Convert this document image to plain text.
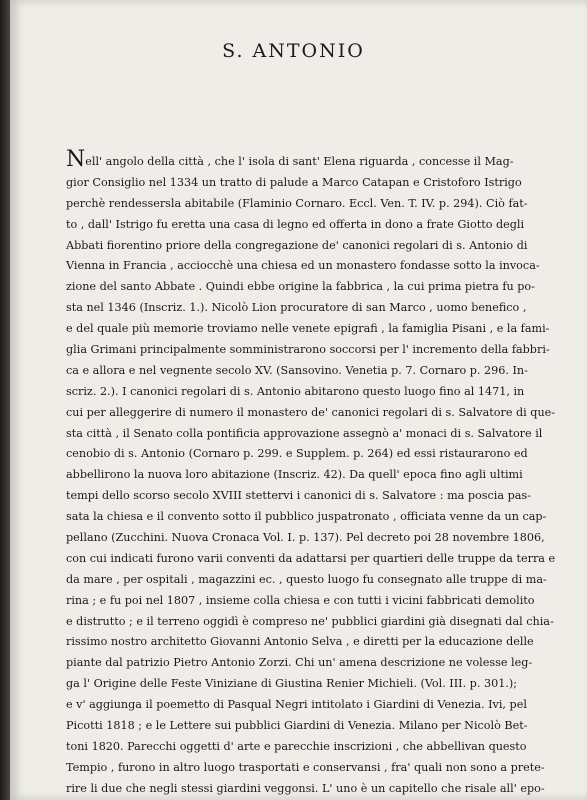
S. ANTONIO
Nell' angolo della città , che l' isola di sant' Elena riguarda , concesse il Mag-
gior Consiglio nel 1334 un tratto di palude a Marco Catapan e Cristoforo Istrigo
perchè rendessersla abitabile (Flaminio Cornaro. Eccl. Ven. T. IV. p. 294). Ciò fat-
to , dall' Istrigo fu eretta una casa di legno ed offerta in dono a frate Giotto degli
Abbati fiorentino priore della congregazione de' canonici regolari di s. Antonio di
Vienna in Francia , acciocchè una chiesa ed un monastero fondasse sotto la invoca-
zione del santo Abbate . Quindi ebbe origine la fabbrica , la cui prima pietra fu po-
sta nel 1346 (Inscriz. 1.). Nicolò Lion procuratore di san Marco , uomo benefico ,
e del quale più memorie troviamo nelle venete epigrafi , la famiglia Pisani , e la fami-
glia Grimani principalmente somministrarono soccorsi per l' incremento della fabbri-
ca e allora e nel vegnente secolo XV. (Sansovino. Venetia p. 7. Cornaro p. 296. In-
scriz. 2.). I canonici regolari di s. Antonio abitarono questo luogo fino al 1471, in
cui per alleggerire di numero il monastero de' canonici regolari di s. Salvatore di que-
sta città , il Senato colla pontificia approvazione assegnò a' monaci di s. Salvatore il
cenobio di s. Antonio (Cornaro p. 299. e Supplem. p. 264) ed essi ristaurarono ed
abbellirono la nuova loro abitazione (Inscriz. 42). Da quell' epoca fino agli ultimi
tempi dello scorso secolo XVIII stettervi i canonici di s. Salvatore : ma poscia pas-
sata la chiesa e il convento sotto il pubblico juspatronato , officiata venne da un cap-
pellano (Zucchini. Nuova Cronaca Vol. I. p. 137). Pel decreto poi 28 novembre 1806,
con cui indicati furono varii conventi da adattarsi per quartieri delle truppe da terra e
da mare , per ospitali , magazzini ec. , questo luogo fu consegnato alle truppe di ma-
rina ; e fu poi nel 1807 , insieme colla chiesa e con tutti i vicini fabbricati demolito
e distrutto ; e il terreno oggidì è compreso ne' pubblici giardini già disegnati dal chia-
rissimo nostro architetto Giovanni Antonio Selva , e diretti per la educazione delle
piante dal patrizio Pietro Antonio Zorzi. Chi un' amena descrizione ne volesse leg-
ga l' Origine delle Feste Viniziane di Giustina Renier Michieli. (Vol. III. p. 301.);
e v' aggiunga il poemetto di Pasqual Negri intitolato i Giardini di Venezia. Ivi, pel
Picotti 1818 ; e le Lettere sui pubblici Giardini di Venezia. Milano per Nicolò Bet-
toni 1820. Parecchi oggetti d' arte e parecchie inscrizioni , che abbellivan questo
Tempio , furono in altro luogo trasportati e conservansi , fra' quali non sono a prete-
rire li due che negli stessi giardini veggonsi. L' uno è un capitello che risale all' epo-
